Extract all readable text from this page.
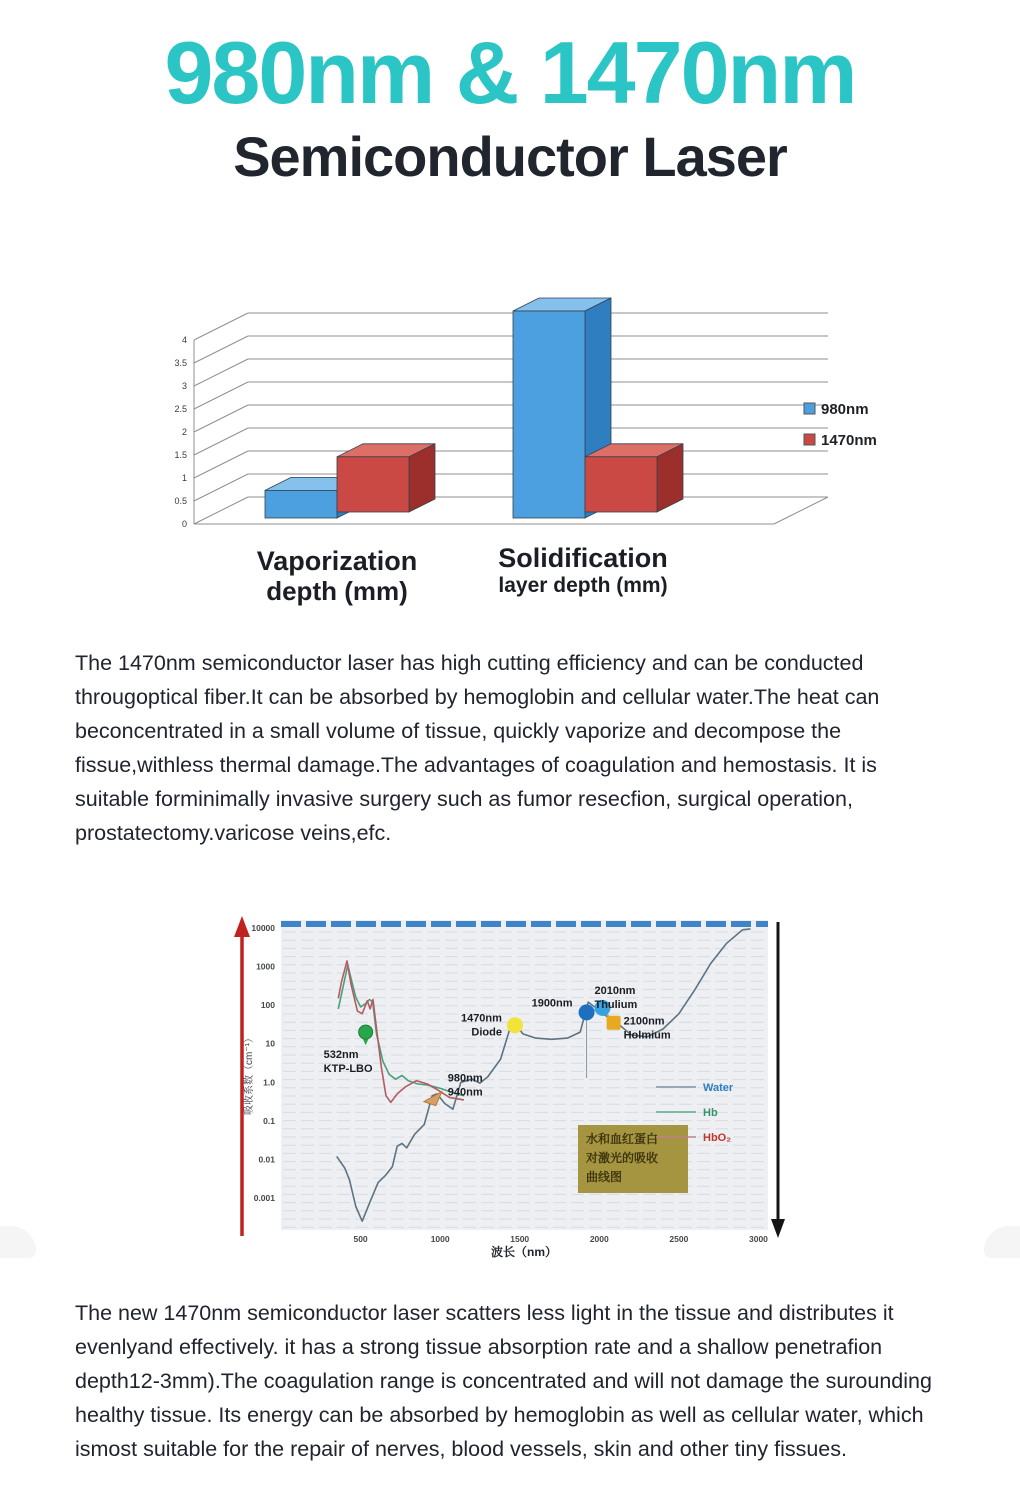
980nm & 1470nm
Semiconductor Laser
0
0.5
1
1.5
2
2.5
3
3.5
4
Vaporization
depth (mm)
Solidification
layer depth (mm)
980nm
1470nm
The 1470nm semiconductor laser has high cutting efficiency and can be conducted througoptical fiber.It can be absorbed by hemoglobin and cellular water.The heat can beconcentrated in a small volume of tissue, quickly vaporize and decompose the fissue,withless thermal damage.The advantages of coagulation and hemostasis. It is suitable forminimally invasive surgery such as fumor resecfion, surgical operation, prostatectomy.varicose veins,efc.
10000
1000
100
10
1.0
0.1
0.01
0.001
吸收系数（cm⁻¹）
500	1000	1500	2000	2500	3000
波长（nm）
水和血红蛋白
对激光的吸收
曲线图
Water
Hb
HbO₂
532nm
KTP-LBO
980nm
940nm
1470nm
Diode
1900nm
2010nm
Thulium
2100nm
Holmium
The new 1470nm semiconductor laser scatters less light in the tissue and distributes it evenlyand effectively. it has a strong tissue absorption rate and a shallow penetrafion depth12-3mm).The coagulation range is concentrated and will not damage the surounding healthy tissue. Its energy can be absorbed by hemoglobin as well as cellular water, which ismost suitable for the repair of nerves, blood vessels, skin and other tiny fissues.
